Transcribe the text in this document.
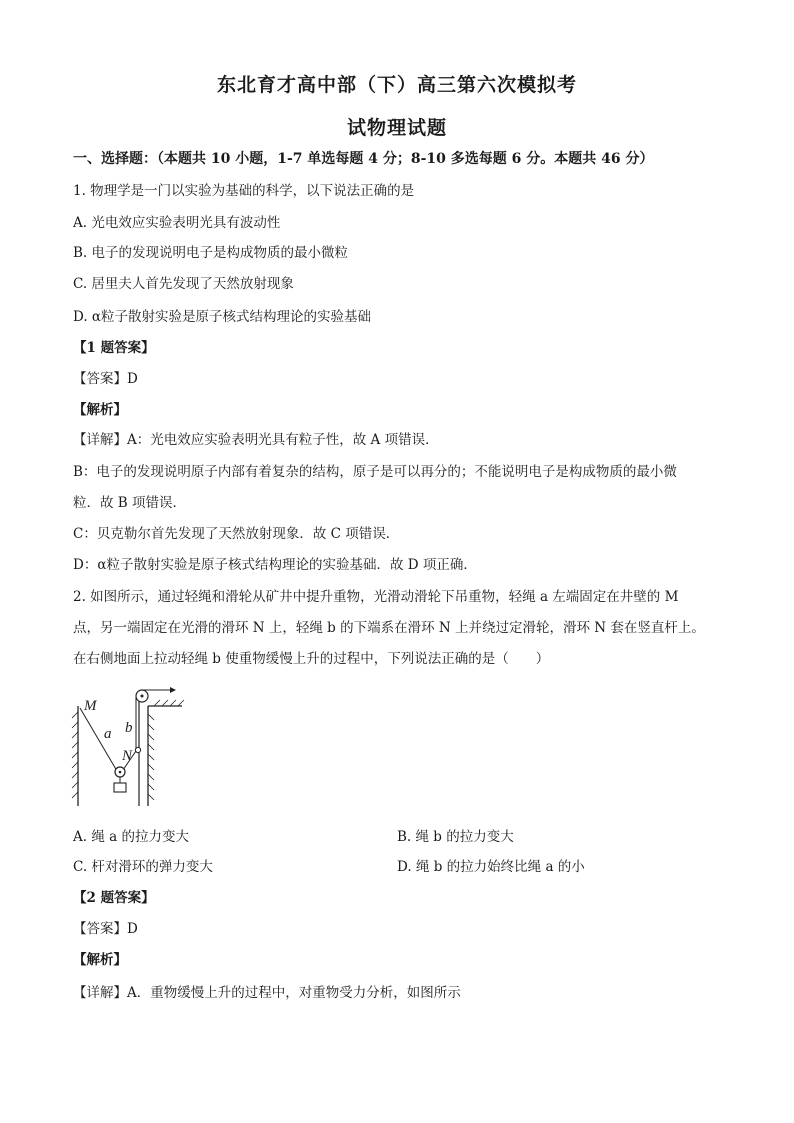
东北育才高中部（下）高三第六次模拟考
试物理试题
一、选择题：（本题共 10 小题，1-7 单选每题 4 分；8-10 多选每题 6 分。本题共 46 分）
1. 物理学是一门以实验为基础的科学，以下说法正确的是
A. 光电效应实验表明光具有波动性
B. 电子的发现说明电子是构成物质的最小微粒
C. 居里夫人首先发现了天然放射现象
D. α粒子散射实验是原子核式结构理论的实验基础
【1 题答案】
【答案】D
【解析】
【详解】A：光电效应实验表明光具有粒子性，故 A 项错误．
B：电子的发现说明原子内部有着复杂的结构，原子是可以再分的；不能说明电子是构成物质的最小微
粒．故 B 项错误．
C：贝克勒尔首先发现了天然放射现象．故 C 项错误．
D：α粒子散射实验是原子核式结构理论的实验基础．故 D 项正确．
2. 如图所示，通过轻绳和滑轮从矿井中提升重物，光滑动滑轮下吊重物，轻绳 a 左端固定在井壁的 M
点，另一端固定在光滑的滑环 N 上，轻绳 b 的下端系在滑环 N 上并绕过定滑轮，滑环 N 套在竖直杆上。
在右侧地面上拉动轻绳 b 使重物缓慢上升的过程中，下列说法正确的是（　　）
M
a b
N
A. 绳 a 的拉力变大	B. 绳 b 的拉力变大
C. 杆对滑环的弹力变大	D. 绳 b 的拉力始终比绳 a 的小
【2 题答案】
【答案】D
【解析】
【详解】A．重物缓慢上升的过程中，对重物受力分析，如图所示
